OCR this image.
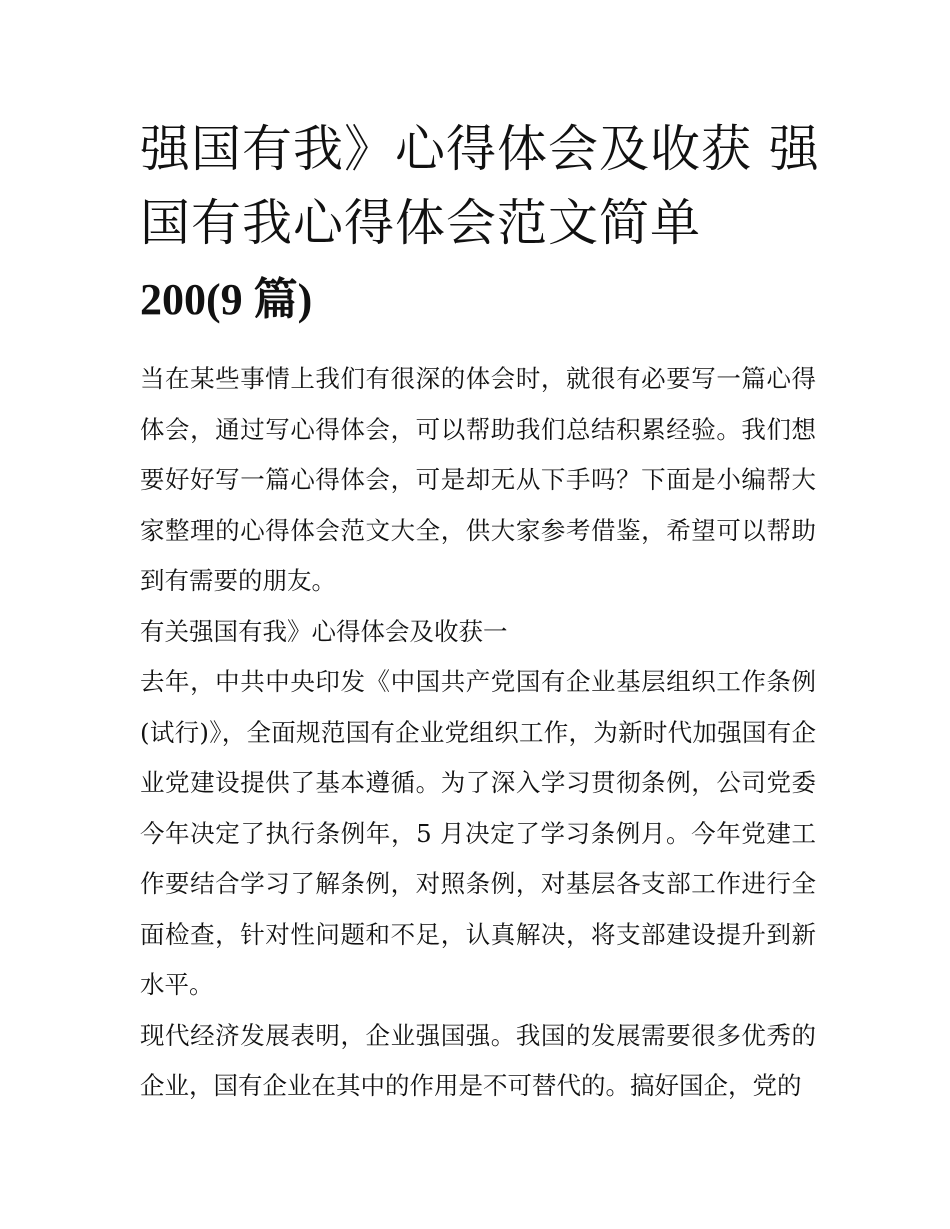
强国有我》心得体会及收获 强国有我心得体会范文简单
200(9 篇)

当在某些事情上我们有很深的体会时，就很有必要写一篇心得体会，通过写心得体会，可以帮助我们总结积累经验。我们想要好好写一篇心得体会，可是却无从下手吗？下面是小编帮大家整理的心得体会范文大全，供大家参考借鉴，希望可以帮助到有需要的朋友。

有关强国有我》心得体会及收获一

去年，中共中央印发《中国共产党国有企业基层组织工作条例(试行)》，全面规范国有企业党组织工作，为新时代加强国有企业党建设提供了基本遵循。为了深入学习贯彻条例，公司党委今年决定了执行条例年，5 月决定了学习条例月。今年党建工作要结合学习了解条例，对照条例，对基层各支部工作进行全面检查，针对性问题和不足，认真解决，将支部建设提升到新水平。

现代经济发展表明，企业强国强。我国的发展需要很多优秀的企业，国有企业在其中的作用是不可替代的。搞好国企，党的
